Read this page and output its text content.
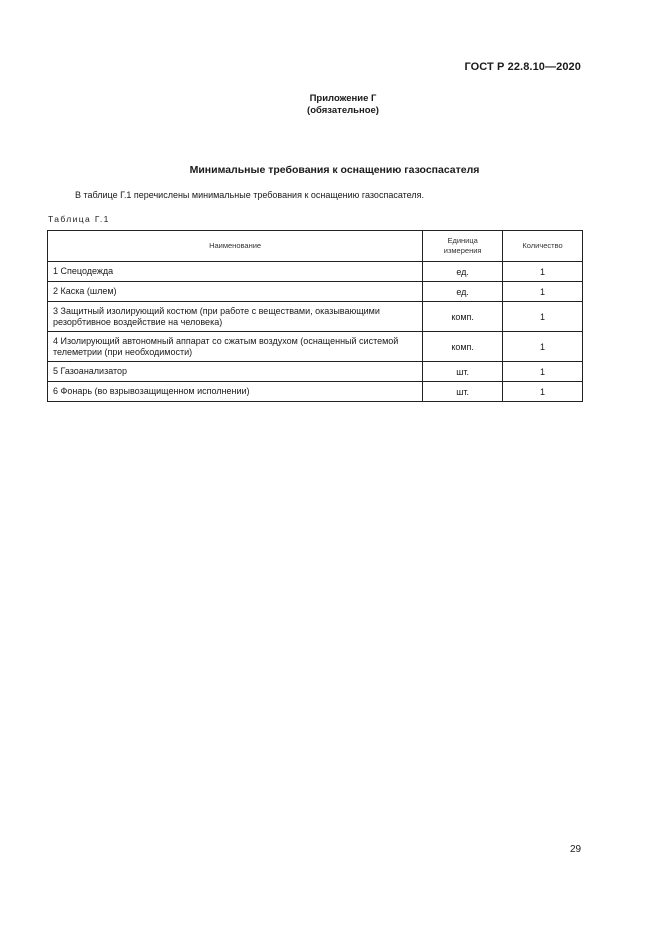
ГОСТ Р 22.8.10—2020
Приложение Г
(обязательное)
Минимальные требования к оснащению газоспасателя
В таблице Г.1 перечислены минимальные требования к оснащению газоспасателя.
Таблица Г.1
Наименование	Единица измерения	Количество
1 Спецодежда	ед.	1
2 Каска (шлем)	ед.	1
3 Защитный изолирующий костюм (при работе с веществами, оказывающими резорбтивное воздействие на человека)	комп.	1
4 Изолирующий автономный аппарат со сжатым воздухом (оснащенный системой телеметрии (при необходимости)	комп.	1
5 Газоанализатор	шт.	1
6 Фонарь (во взрывозащищенном исполнении)	шт.	1
29
